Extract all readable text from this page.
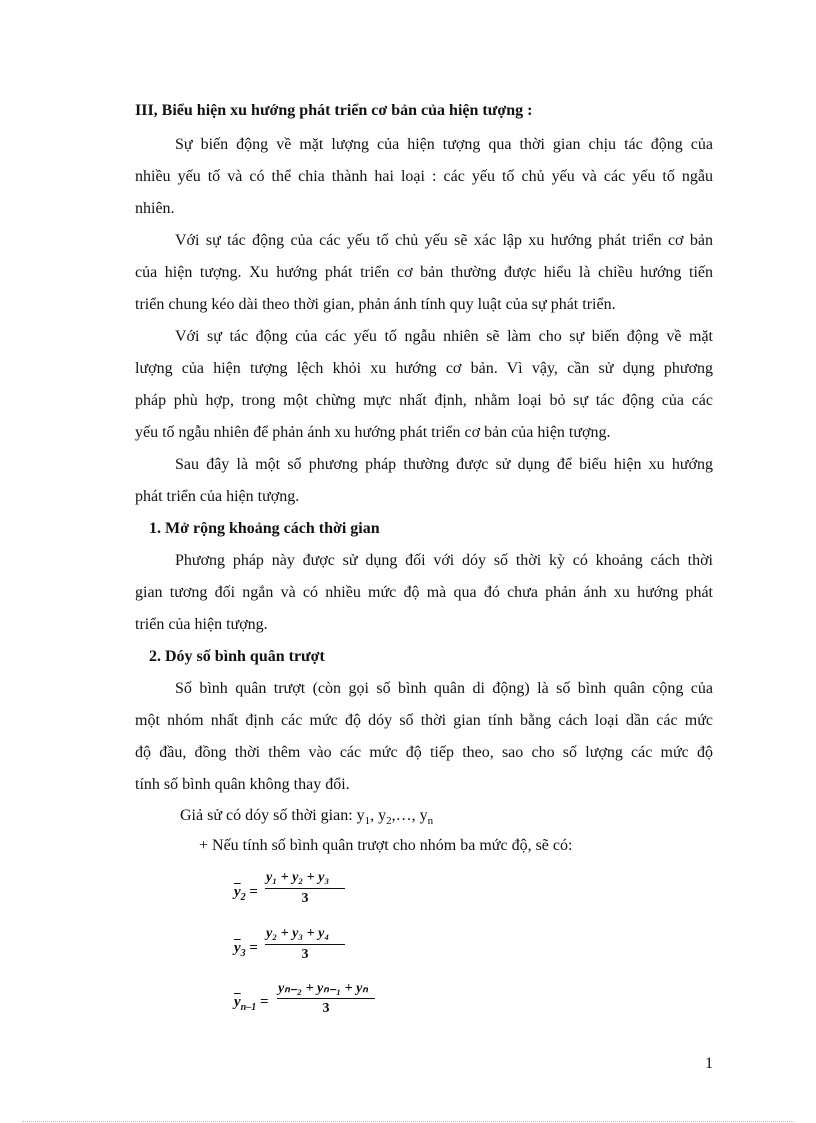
III, Biểu hiện xu hướng phát triển cơ bản của hiện tượng :
Sự biến động về mặt lượng của hiện tượng qua thời gian chịu tác động của
nhiều yếu tố và có thể chia thành hai loại : các yếu tố chủ yếu và các yếu tố ngẫu
nhiên.
Với sự tác động của các yếu tố chủ yếu sẽ xác lập xu hướng phát triển cơ bản
của hiện tượng. Xu hướng phát triển cơ bản thường được hiểu là chiều hướng tiến
triển chung kéo dài theo thời gian, phản ánh tính quy luật của sự phát triển.
Với sự tác động của các yếu tố ngẫu nhiên sẽ làm cho sự biến động về mặt
lượng của hiện tượng lệch khỏi xu hướng cơ bản. Vì vậy, cần sử dụng phương
pháp phù hợp, trong một chừng mực nhất định, nhằm loại bỏ sự tác động của các
yếu tố ngẫu nhiên để phản ánh xu hướng phát triển cơ bản của hiện tượng.
Sau đây là một số phương pháp thường được sử dụng để biểu hiện xu hướng
phát triển của hiện tượng.
1. Mở rộng khoảng cách thời gian
Phương pháp này được sử dụng đối với dóy số thời kỳ có khoảng cách thời
gian tương đối ngắn và có nhiều mức độ mà qua đó chưa phản ánh xu hướng phát
triển của hiện tượng.
2. Dóy số bình quân trượt
Số bình quân trượt (còn gọi số bình quân di động) là số bình quân cộng của
một nhóm nhất định các mức độ dóy số thời gian tính bằng cách loại dần các mức
độ đầu, đồng thời thêm vào các mức độ tiếp theo, sao cho số lượng các mức độ
tính số bình quân không thay đổi.
Giả sử có dóy số thời gian: $y_1$, $y_2,\dots$, $y_n$
+ Nếu tính số bình quân trượt cho nhóm ba mức độ, sẽ có:
$\overline{y}_2$ =
y₁ + y₂ + y₃
3
$\overline{y}_3$ =
y₂ + y₃ + y₄
3
$\overline{y}_{n-1}$ =
yₙ₋₂ + yₙ₋₁ + yₙ
3
1
